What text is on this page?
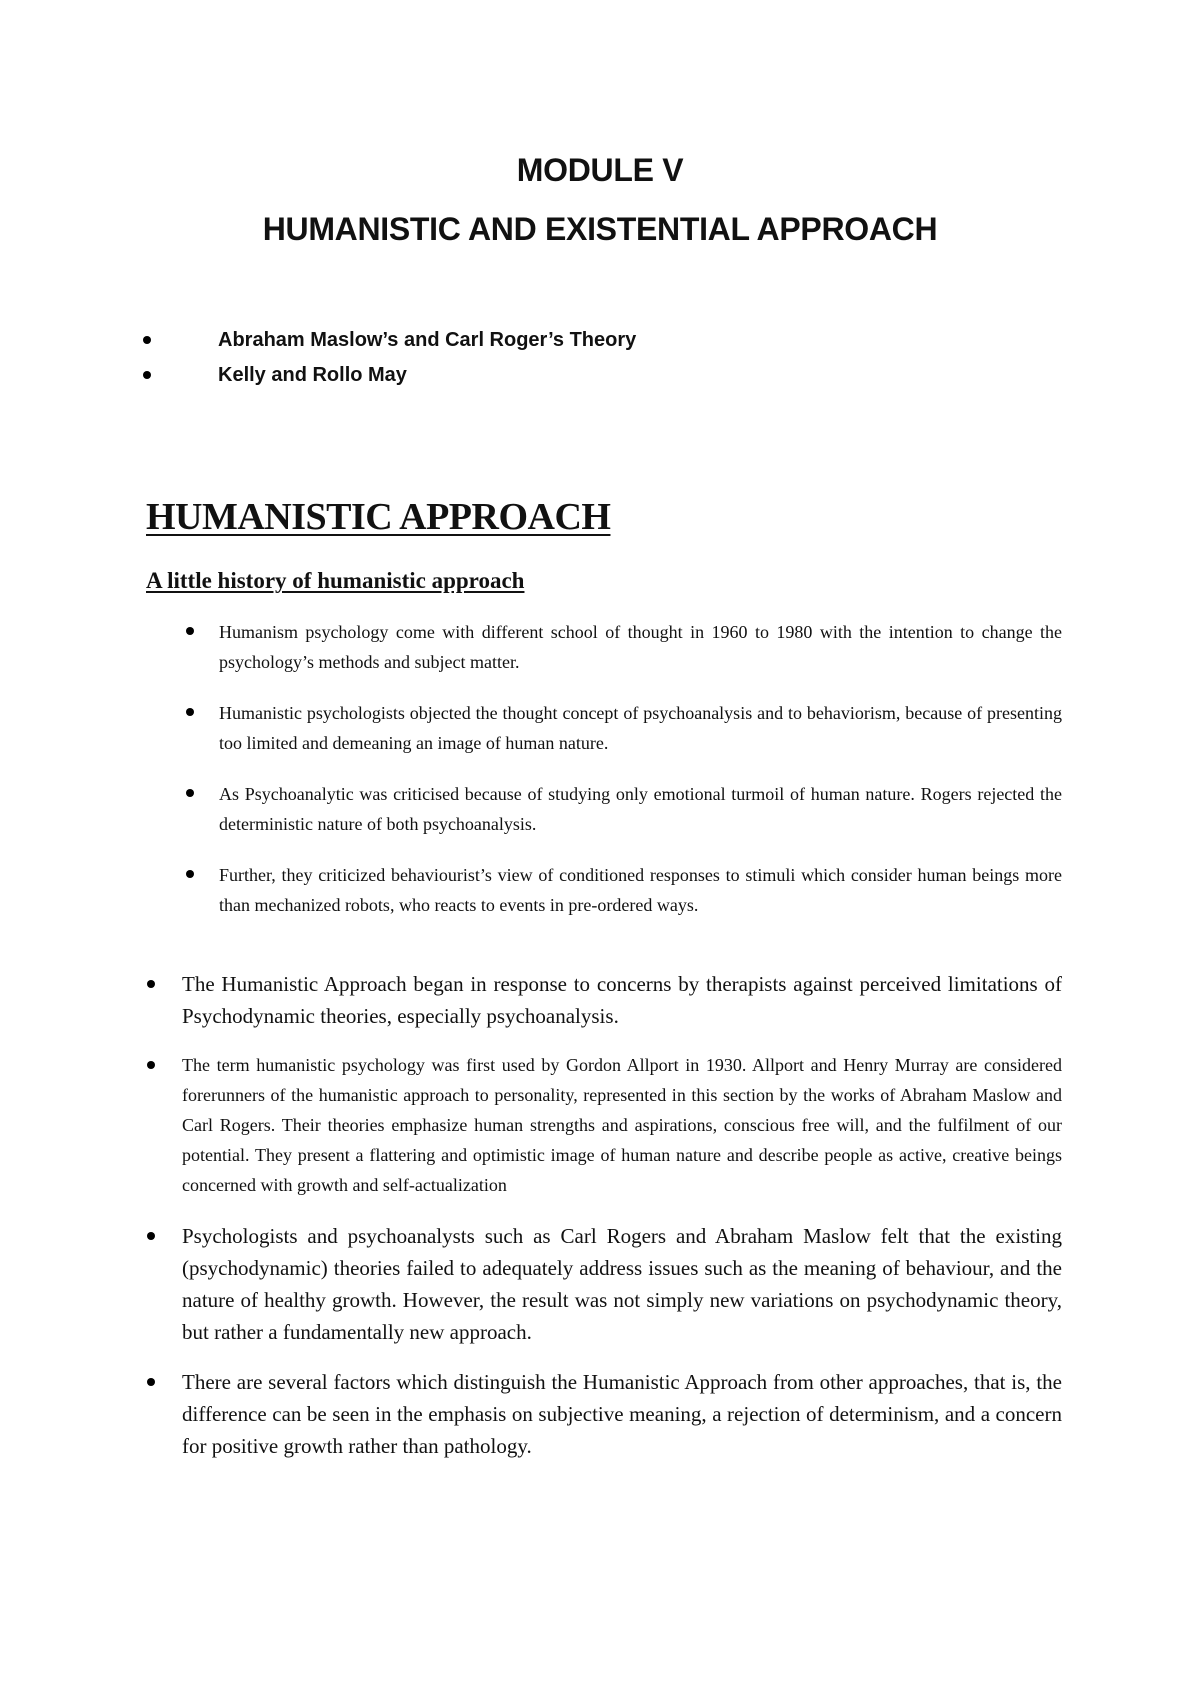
MODULE V
HUMANISTIC AND EXISTENTIAL APPROACH
Abraham Maslow’s and Carl Roger’s Theory
Kelly and Rollo May
HUMANISTIC APPROACH
A little history of humanistic approach
Humanism psychology come with different school of thought in 1960 to 1980 with the intention to change the psychology’s methods and subject matter.
Humanistic psychologists objected the thought concept of psychoanalysis and to behaviorism, because of presenting too limited and demeaning an image of human nature.
As Psychoanalytic was criticised because of studying only emotional turmoil of human nature. Rogers rejected the deterministic nature of both psychoanalysis.
Further, they criticized behaviourist’s view of conditioned responses to stimuli which consider human beings more than mechanized robots, who reacts to events in pre-ordered ways.
The Humanistic Approach began in response to concerns by therapists against perceived limitations of Psychodynamic theories, especially psychoanalysis.
The term humanistic psychology was first used by Gordon Allport in 1930. Allport and Henry Murray are considered forerunners of the humanistic approach to personality, represented in this section by the works of Abraham Maslow and Carl Rogers. Their theories emphasize human strengths and aspirations, conscious free will, and the fulfilment of our potential. They present a flattering and optimistic image of human nature and describe people as active, creative beings concerned with growth and self-actualization
Psychologists and psychoanalysts such as Carl Rogers and Abraham Maslow felt that the existing (psychodynamic) theories failed to adequately address issues such as the meaning of behaviour, and the nature of healthy growth. However, the result was not simply new variations on psychodynamic theory, but rather a fundamentally new approach.
There are several factors which distinguish the Humanistic Approach from other approaches, that is, the difference can be seen in the emphasis on subjective meaning, a rejection of determinism, and a concern for positive growth rather than pathology.
